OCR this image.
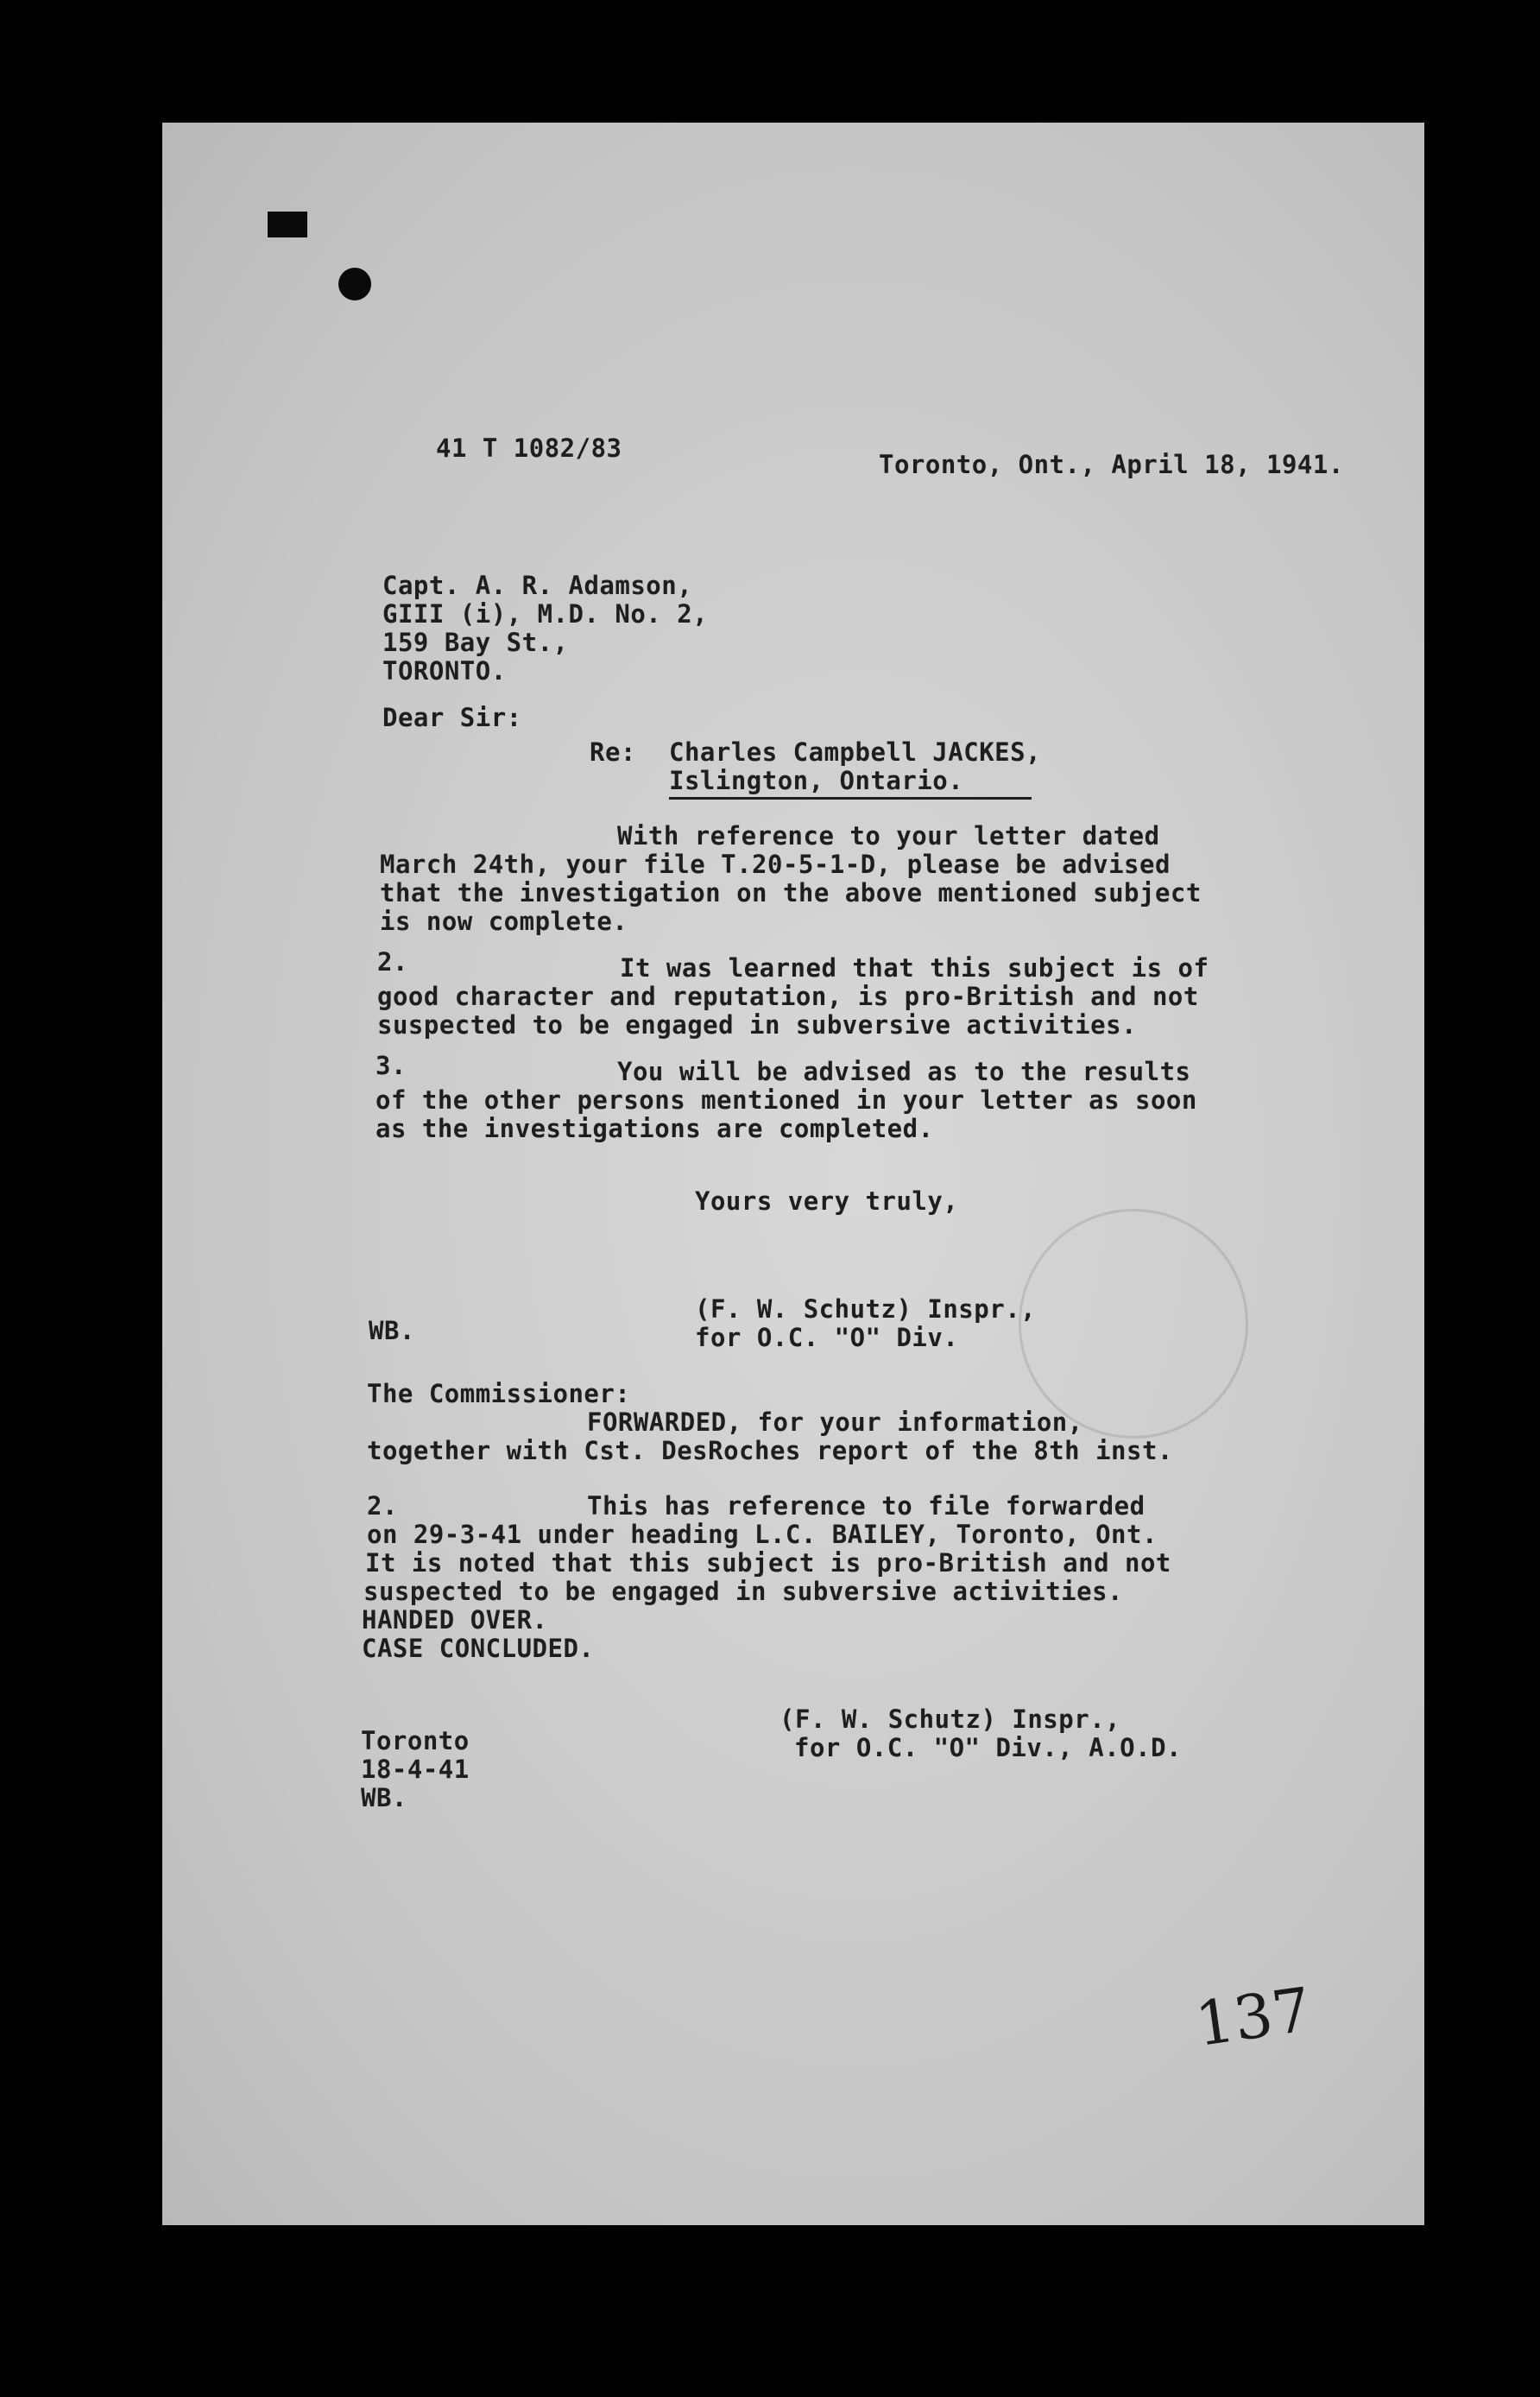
41 T 1082/83
Toronto, Ont., April 18, 1941.
Capt. A. R. Adamson,
GIII (i), M.D. No. 2,
159 Bay St.,
TORONTO.
Dear Sir:
Re: Charles Campbell JACKES,
Islington, Ontario.
With reference to your letter dated
March 24th, your file T.20-5-1-D, please be advised
that the investigation on the above mentioned subject
is now complete.
2.	It was learned that this subject is of
good character and reputation, is pro-British and not
suspected to be engaged in subversive activities.
3.	You will be advised as to the results
of the other persons mentioned in your letter as soon
as the investigations are completed.
Yours very truly,
WB.
(F. W. Schutz) Inspr.,
for O.C. "O" Div.
The Commissioner:
FORWARDED, for your information,
together with Cst. DesRoches report of the 8th inst.
2.	This has reference to file forwarded
on 29-3-41 under heading L.C. BAILEY, Toronto, Ont.
It is noted that this subject is pro-British and not
suspected to be engaged in subversive activities.
HANDED OVER.
CASE CONCLUDED.
Toronto
18-4-41
WB.
(F. W. Schutz) Inspr.,
for O.C. "O" Div., A.O.D.
137
